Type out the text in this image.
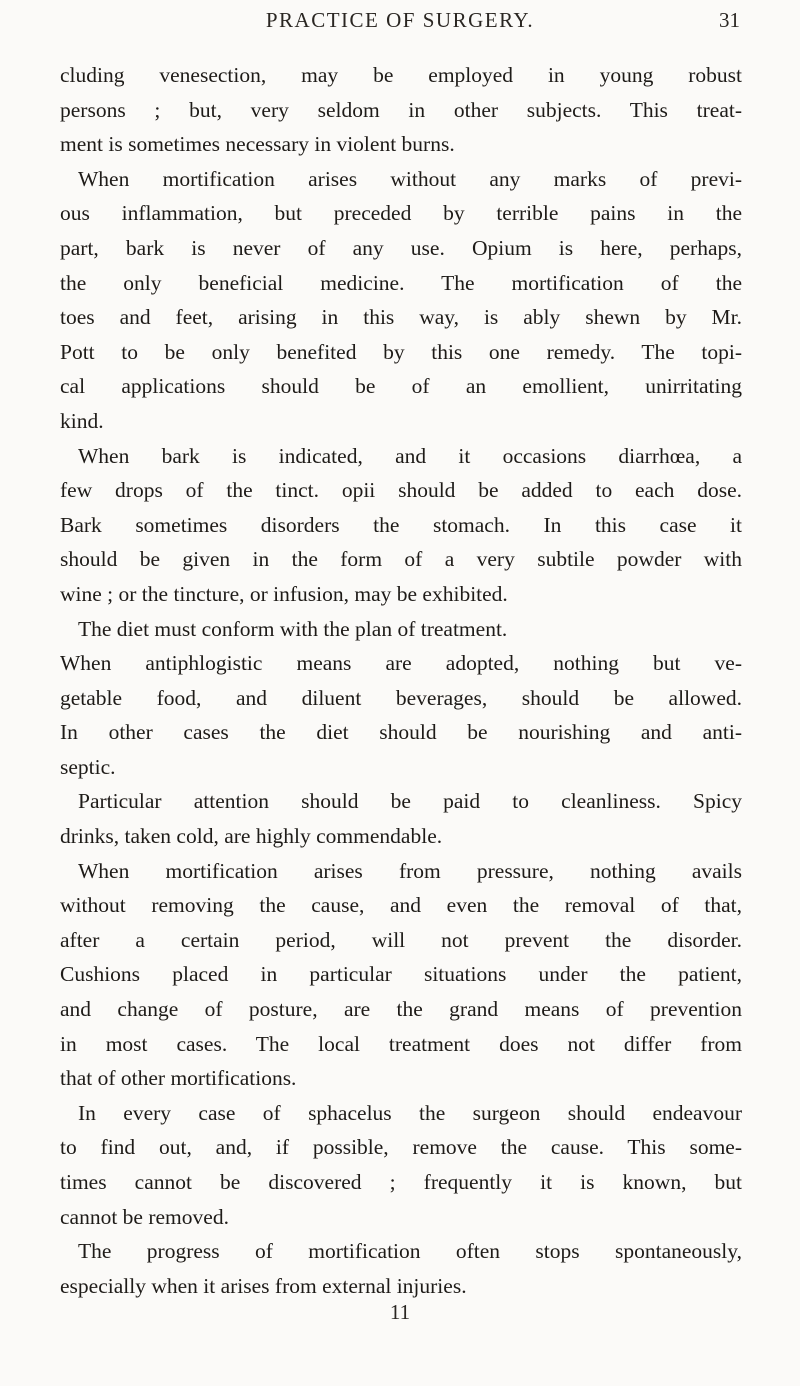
PRACTICE OF SURGERY.	31
cluding venesection, may be employed in young robust
persons ; but, very seldom in other subjects. This treat-
ment is sometimes necessary in violent burns.
When mortification arises without any marks of previ-
ous inflammation, but preceded by terrible pains in the
part, bark is never of any use. Opium is here, perhaps,
the only beneficial medicine. The mortification of the
toes and feet, arising in this way, is ably shewn by Mr.
Pott to be only benefited by this one remedy. The topi-
cal applications should be of an emollient, unirritating
kind.
When bark is indicated, and it occasions diarrhœa, a
few drops of the tinct. opii should be added to each dose.
Bark sometimes disorders the stomach. In this case it
should be given in the form of a very subtile powder with
wine ; or the tincture, or infusion, may be exhibited.
The diet must conform with the plan of treatment.
When antiphlogistic means are adopted, nothing but ve-
getable food, and diluent beverages, should be allowed.
In other cases the diet should be nourishing and anti-
septic.
Particular attention should be paid to cleanliness. Spicy
drinks, taken cold, are highly commendable.
When mortification arises from pressure, nothing avails
without removing the cause, and even the removal of that,
after a certain period, will not prevent the disorder.
Cushions placed in particular situations under the patient,
and change of posture, are the grand means of prevention
in most cases. The local treatment does not differ from
that of other mortifications.
In every case of sphacelus the surgeon should endeavour
to find out, and, if possible, remove the cause. This some-
times cannot be discovered ; frequently it is known, but
cannot be removed.
The progress of mortification often stops spontaneously,
especially when it arises from external injuries.
11
